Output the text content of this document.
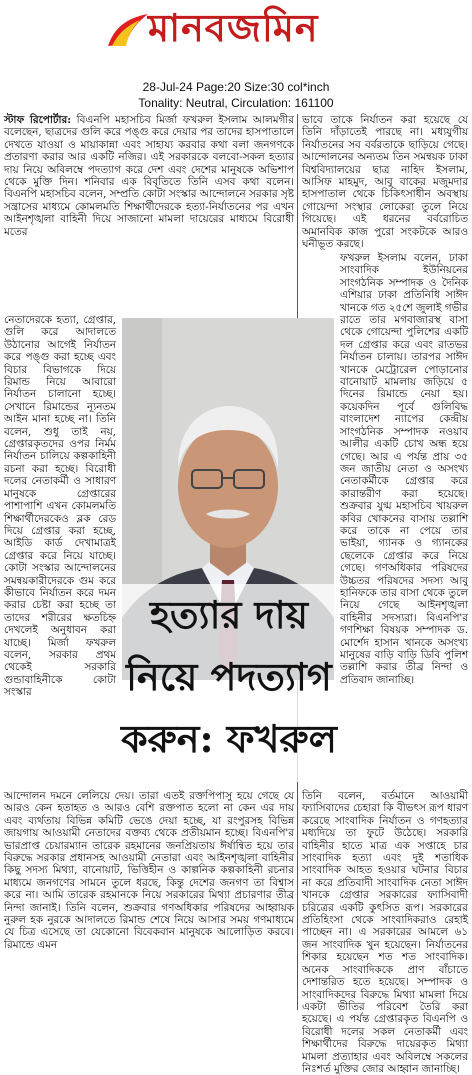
মানবজমিন
28-Jul-24 Page:20 Size:30 col*inch
Tonality: Neutral, Circulation: 161100

স্টাফ রিপোর্টার: বিএনপি মহাসচিব মির্জা ফখরুল ইসলাম আলমগীর বলেছেন, ছাত্রদের গুলি করে পঙ্গু করে দেয়ার পর তাদের হাসপাতালে দেখতে যাওয়া ও মায়াকান্না এবং সাহায্য করবার কথা বলা জনগণকে প্রতারণা করার আর একটি নজির। এই সরকারকে বলবো-সকল হত্যার দায় নিয়ে অবিলম্বে পদত্যাগ করে দেশ এবং দেশের মানুষকে অভিশাপ থেকে মুক্তি দিন। শনিবার এক বিবৃতিতে তিনি এসব কথা বলেন। বিএনপি মহাসচিব বলেন, সম্প্রতি কোটা সংস্কার আন্দোলনে সরকার সৃষ্ট সন্ত্রাসের মাধ্যমে কোমলমতি শিক্ষার্থীদেরকে হত্যা-নির্যাতনের পর এখন আইনশৃঙ্খলা বাহিনী দিয়ে সাজানো মামলা দায়েরের মাধ্যমে বিরোধী মতের

ভাবে তাকে নির্যাতন করা হয়েছে যে তিনি দাঁড়াতেই পারছে না। মধ্যযুগীয় নির্যাতনের সব বর্বরতাকে ছাড়িয়ে গেছে। আন্দোলনের অন্যতম তিন সমন্বয়ক ঢাকা বিশ্ববিদ্যালয়ের ছাত্র নাহিদ ইসলাম, আসিফ মাহমুদ, আবু বাকের মজুমদার হাসপাতাল থেকে চিকিৎসাধীন অবস্থায় গোয়েন্দা সংস্থার লোকেরা তুলে নিয়ে গিয়েছে। এই ধরনের বর্বরোচিত অমানবিক কাজ পুরো সংকটকে আরও ঘনীভূত করছে।

নেতাদেরকে হত্যা, গ্রেপ্তার, গুলি করে আদালতে উঠানোর আগেই নির্যাতন করে পঙ্গু করা হচ্ছে এবং বিচার বিভাগকে দিয়ে রিমান্ড নিয়ে আবারো নির্যাতন চালানো হচ্ছে। সেখানে রিমান্ডের ন্যূনতম আইন মানা হচ্ছে না। তিনি বলেন, শুধু তাই নয়, গ্রেপ্তারকৃতদের ওপর নির্মম নির্যাতন চালিয়ে কল্পকাহিনী রচনা করা হচ্ছে। বিরোধী দলের নেতাকর্মী ও সাধারণ মানুষকে গ্রেপ্তারের পাশাপাশি এখন কোমলমতি শিক্ষার্থীদেরকেও ব্লক রেড দিয়ে গ্রেপ্তার করা হচ্ছে, আইডি কার্ড দেখামাত্রই গ্রেপ্তার করে নিয়ে যাচ্ছে। কোটা সংস্কার আন্দোলনের সমন্বয়কারীদেরকে গুম করে কীভাবে নির্যাতন করে দমন করার চেষ্টা করা হচ্ছে তা তাদের শরীরের ক্ষতচিহ্ন দেখলেই অনুধাবন করা যাচ্ছে। মির্জা ফখরুল বলেন, সরকার প্রথম থেকেই সরকারি গুন্ডাবাহিনীকে কোটা সংস্কার

ফখরুল ইসলাম বলেন, ঢাকা সাংবাদিক ইউনিয়নের সাংগঠনিক সম্পাদক ও দৈনিক এশিয়ার ঢাকা প্রতিনিধি সাঈদ খানকে গত ২৫শে জুলাই গভীর রাতে তার মগবাজারস্থ বাসা থেকে গোয়েন্দা পুলিশের একটি দল গ্রেপ্তার করে এবং রাতভর নির্যাতন চালায়। তারপর সাঈদ খানকে মেট্রোরেল পোড়ানোর বানোয়াট মামলায় জড়িয়ে ৫ দিনের রিমান্ডে নেয়া হয়। কয়েকদিন পূর্বে গুলিবিদ্ধ বাংলাদেশ ন্যাপের কেন্দ্রীয় সাংগঠনিক সম্পাদক নওয়াব আলীর একটি চোখ অন্ধ হয়ে গেছে। আর এ পর্যন্ত প্রায় ৩৫ জন জাতীয় নেতা ও অসংখ্য নেতাকর্মীকে গ্রেপ্তার করে কারান্তরীণ করা হয়েছে। শুক্রবার যুগ্ম মহাসচিব খায়রুল কবির খোকনের বাসায় তল্লাশি করে তাকে না পেয়ে তার ভাইয়া, গ্যানক ও গ্যানকের ছেলেকে গ্রেপ্তার করে নিয়ে গেছে। গণঅধিকার পরিষদের উচ্চতর পরিষদের সদস্য আবু হানিফকে তার বাসা থেকে তুলে নিয়ে গেছে আইনশৃঙ্খলা বাহিনীর সদস্যরা। বিএনপি'র গণশিক্ষা বিষয়ক সম্পাদক ড. মোর্শেদ হাসান খানকে অসংখ্য মানুষের বাড়ি বাড়ি ডিবি পুলিশ তল্লাশি করার তীব্র নিন্দা ও প্রতিবাদ জানাচ্ছি।

হত্যার দায়
নিয়ে পদত্যাগ
করুন: ফখরুল

আন্দোলন দমনে লেলিয়ে দেয়। তারা এতই রক্তপিপাসু হয়ে গেছে যে আরও কেন হতাহত ও আরও বেশি রক্তপাত হলো না কেন এর দায় এবং ব্যর্থতায় বিভিন্ন কমিটি ভেঙে দেয়া হচ্ছে, যা রংপুরসহ বিভিন্ন জায়গায় আওয়ামী নেতাদের বক্তব্য থেকে প্রতীয়মান হচ্ছে। বিএনপি'র ভারপ্রাপ্ত চেয়ারম্যান তারেক রহমানের জনপ্রিয়তায় ঈর্ষান্বিত হয়ে তার বিরুদ্ধে সরকার প্রধানসহ আওয়ামী নেতারা এবং আইনশৃঙ্খলা বাহিনীর কিছু সদস্য মিথ্যা, বানোয়াট, ভিত্তিহীন ও কাল্পনিক কল্পকাহিনী রচনার মাধ্যমে জনগণের সামনে তুলে ধরছে, কিন্তু দেশের জনগণ তা বিশ্বাস করে না। আমি তারেক রহমানকে নিয়ে সরকারের মিথ্যা প্রচারণার তীব্র নিন্দা জানাই। তিনি বলেন, শুক্রবার গণঅধিকার পরিষদের আহ্বায়ক নুরুল হক নুরকে আদালতে রিমান্ড শেষে নিয়ে আসার সময় গণমাধ্যমে যে চিত্র এসেছে তা যেকোনো বিবেকবান মানুষকে আলোড়িত করবে। রিমান্ডে এমন

তিনি বলেন, বর্তমানে আওয়ামী ফ্যাসিবাদের চেহারা কি বীভৎস রূপ ধারণ করেছে সাংবাদিক নির্যাতন ও গণহত্যার মধ্যদিয়ে তা ফুটে উঠেছে। সরকারি বাহিনীর হাতে মাত্র এক সপ্তাহে চার সাংবাদিক হত্যা এবং দুই শতাধিক সাংবাদিক আহত হওয়ার ঘটনার বিচার না করে প্রতিবাদী সাংবাদিক নেতা সাঈদ খানকে গ্রেপ্তার সরকারের ফ্যাসিবাদী চরিত্রের একটি কুৎসিত রূপ। সরকারের প্রতিহিংসা থেকে সাংবাদিকরাও রেহাই পাচ্ছেন না। এ সরকারের আমলে ৬১ জন সাংবাদিক খুন হয়েছেন। নির্যাতনের শিকার হয়েছেন শত শত সাংবাদিক। অনেক সাংবাদিককে প্রাণ বাঁচাতে দেশান্তরিত হতে হয়েছে। সম্পাদক ও সাংবাদিকদের বিরুদ্ধে মিথ্যা মামলা দিয়ে একটা ভীতির পরিবেশ তৈরি করা হয়েছে। এ পর্যন্ত গ্রেপ্তারকৃত বিএনপি ও বিরোধী দলের সকল নেতাকর্মী এবং শিক্ষার্থীদের বিরুদ্ধে দায়েরকৃত মিথ্যা মামলা প্রত্যাহার এবং অবিলম্বে সকলের নিঃশর্ত মুক্তির জোর আহ্বান জানাচ্ছি।
